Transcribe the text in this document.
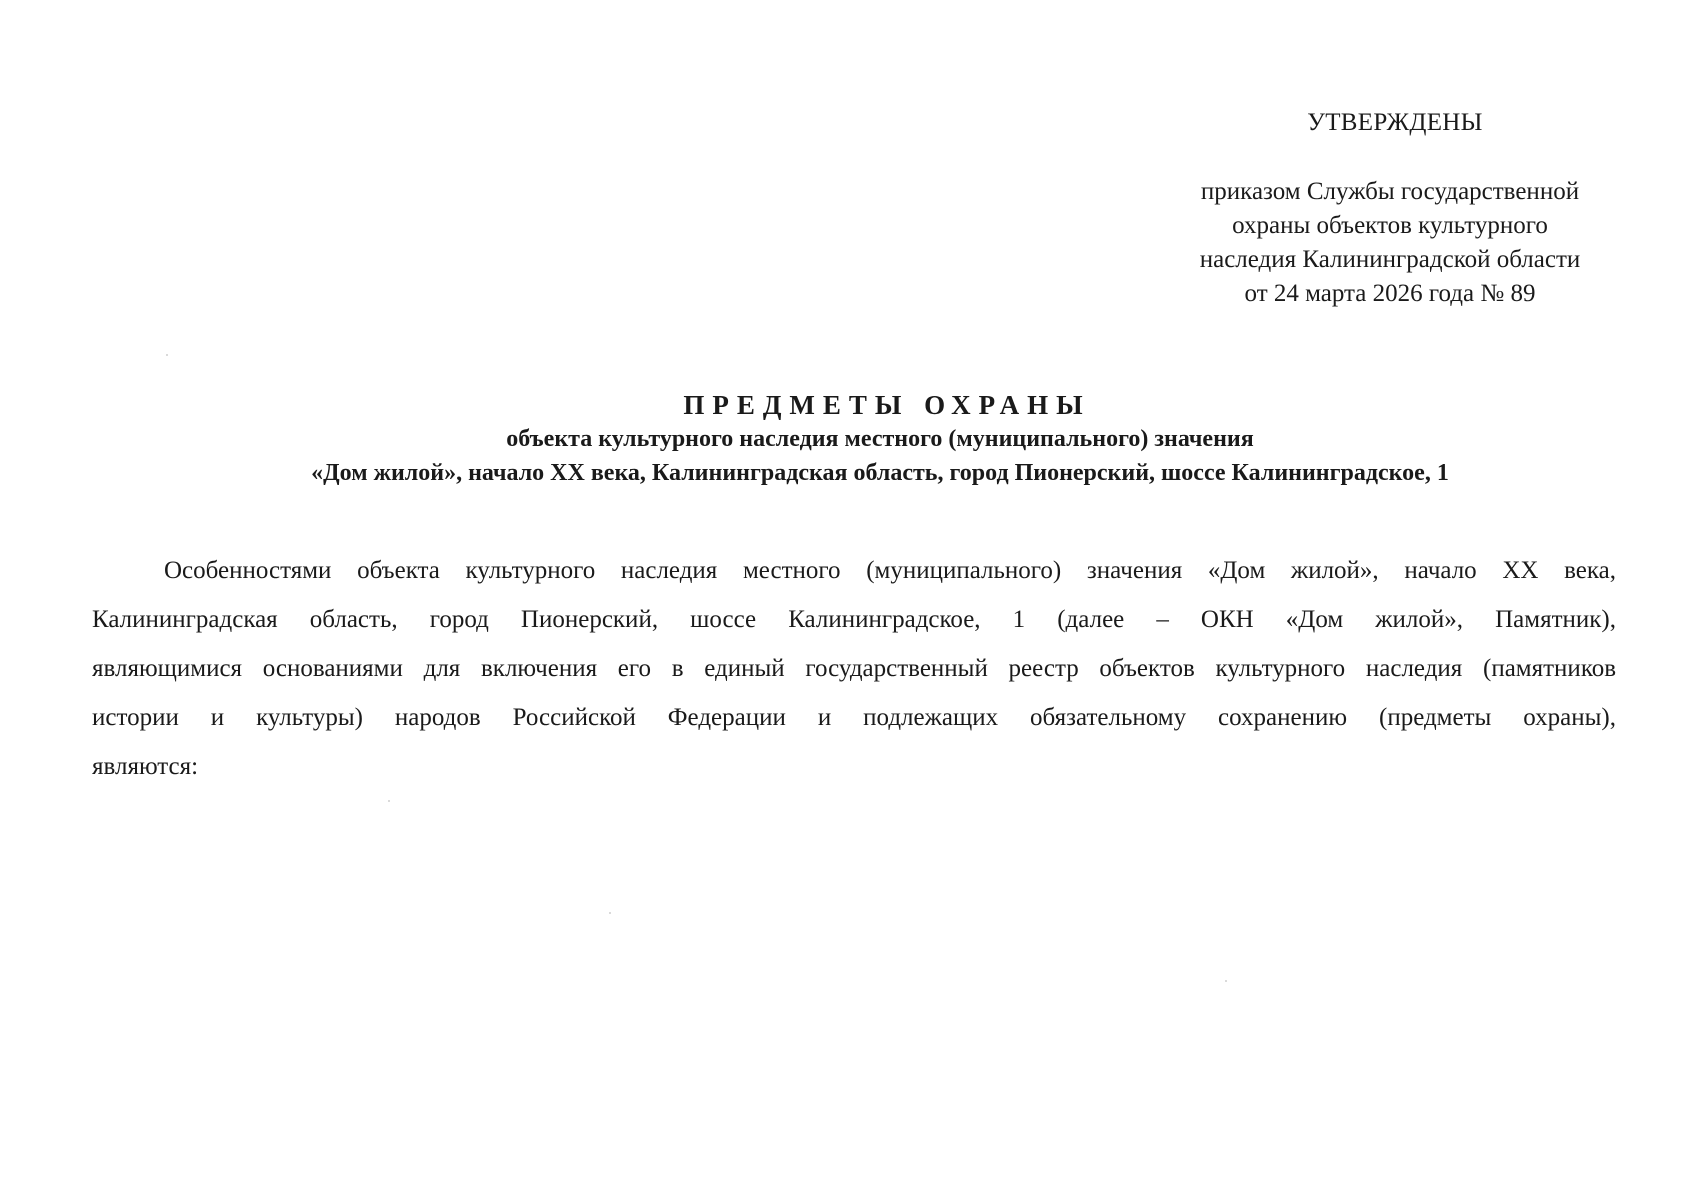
УТВЕРЖДЕНЫ
приказом Службы государственной
охраны объектов культурного
наследия Калининградской области
от 24 марта 2026 года № 89
ПРЕДМЕТЫ ОХРАНЫ
объекта культурного наследия местного (муниципального) значения
«Дом жилой», начало XX века, Калининградская область, город Пионерский, шоссе Калининградское, 1
Особенностями объекта культурного наследия местного (муниципального) значения «Дом жилой», начало XX века,
Калининградская область, город Пионерский, шоссе Калининградское, 1 (далее – ОКН «Дом жилой», Памятник),
являющимися основаниями для включения его в единый государственный реестр объектов культурного наследия (памятников
истории и культуры) народов Российской Федерации и подлежащих обязательному сохранению (предметы охраны),
являются:
